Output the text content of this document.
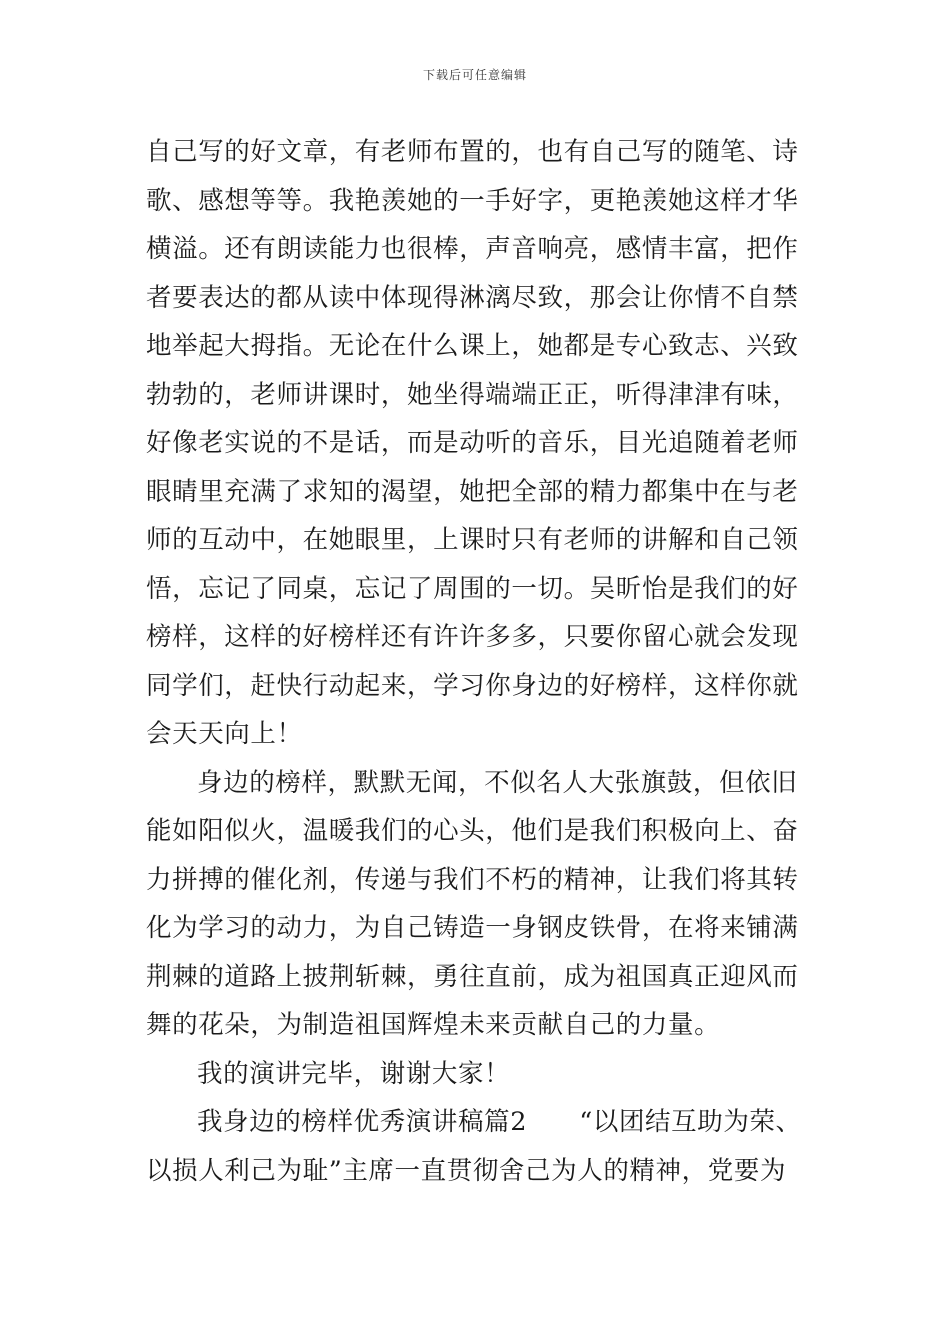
下载后可任意编辑
自己写的好文章，有老师布置的，也有自己写的随笔、诗
歌、感想等等。我艳羡她的一手好字，更艳羡她这样才华
横溢。还有朗读能力也很棒，声音响亮，感情丰富，把作
者要表达的都从读中体现得淋漓尽致，那会让你情不自禁
地举起大拇指。无论在什么课上，她都是专心致志、兴致
勃勃的，老师讲课时，她坐得端端正正，听得津津有味，
好像老实说的不是话，而是动听的音乐，目光追随着老师
眼睛里充满了求知的渴望，她把全部的精力都集中在与老
师的互动中，在她眼里，上课时只有老师的讲解和自己领
悟，忘记了同桌，忘记了周围的一切。吴昕怡是我们的好
榜样，这样的好榜样还有许许多多，只要你留心就会发现
同学们，赶快行动起来，学习你身边的好榜样，这样你就
会天天向上！
身边的榜样，默默无闻，不似名人大张旗鼓，但依旧
能如阳似火，温暖我们的心头，他们是我们积极向上、奋
力拼搏的催化剂，传递与我们不朽的精神，让我们将其转
化为学习的动力，为自己铸造一身钢皮铁骨，在将来铺满
荆棘的道路上披荆斩棘，勇往直前，成为祖国真正迎风而
舞的花朵，为制造祖国辉煌未来贡献自己的力量。
我的演讲完毕，谢谢大家！
我身边的榜样优秀演讲稿篇2　　“以团结互助为荣、
以损人利己为耻”主席一直贯彻舍己为人的精神，党要为
